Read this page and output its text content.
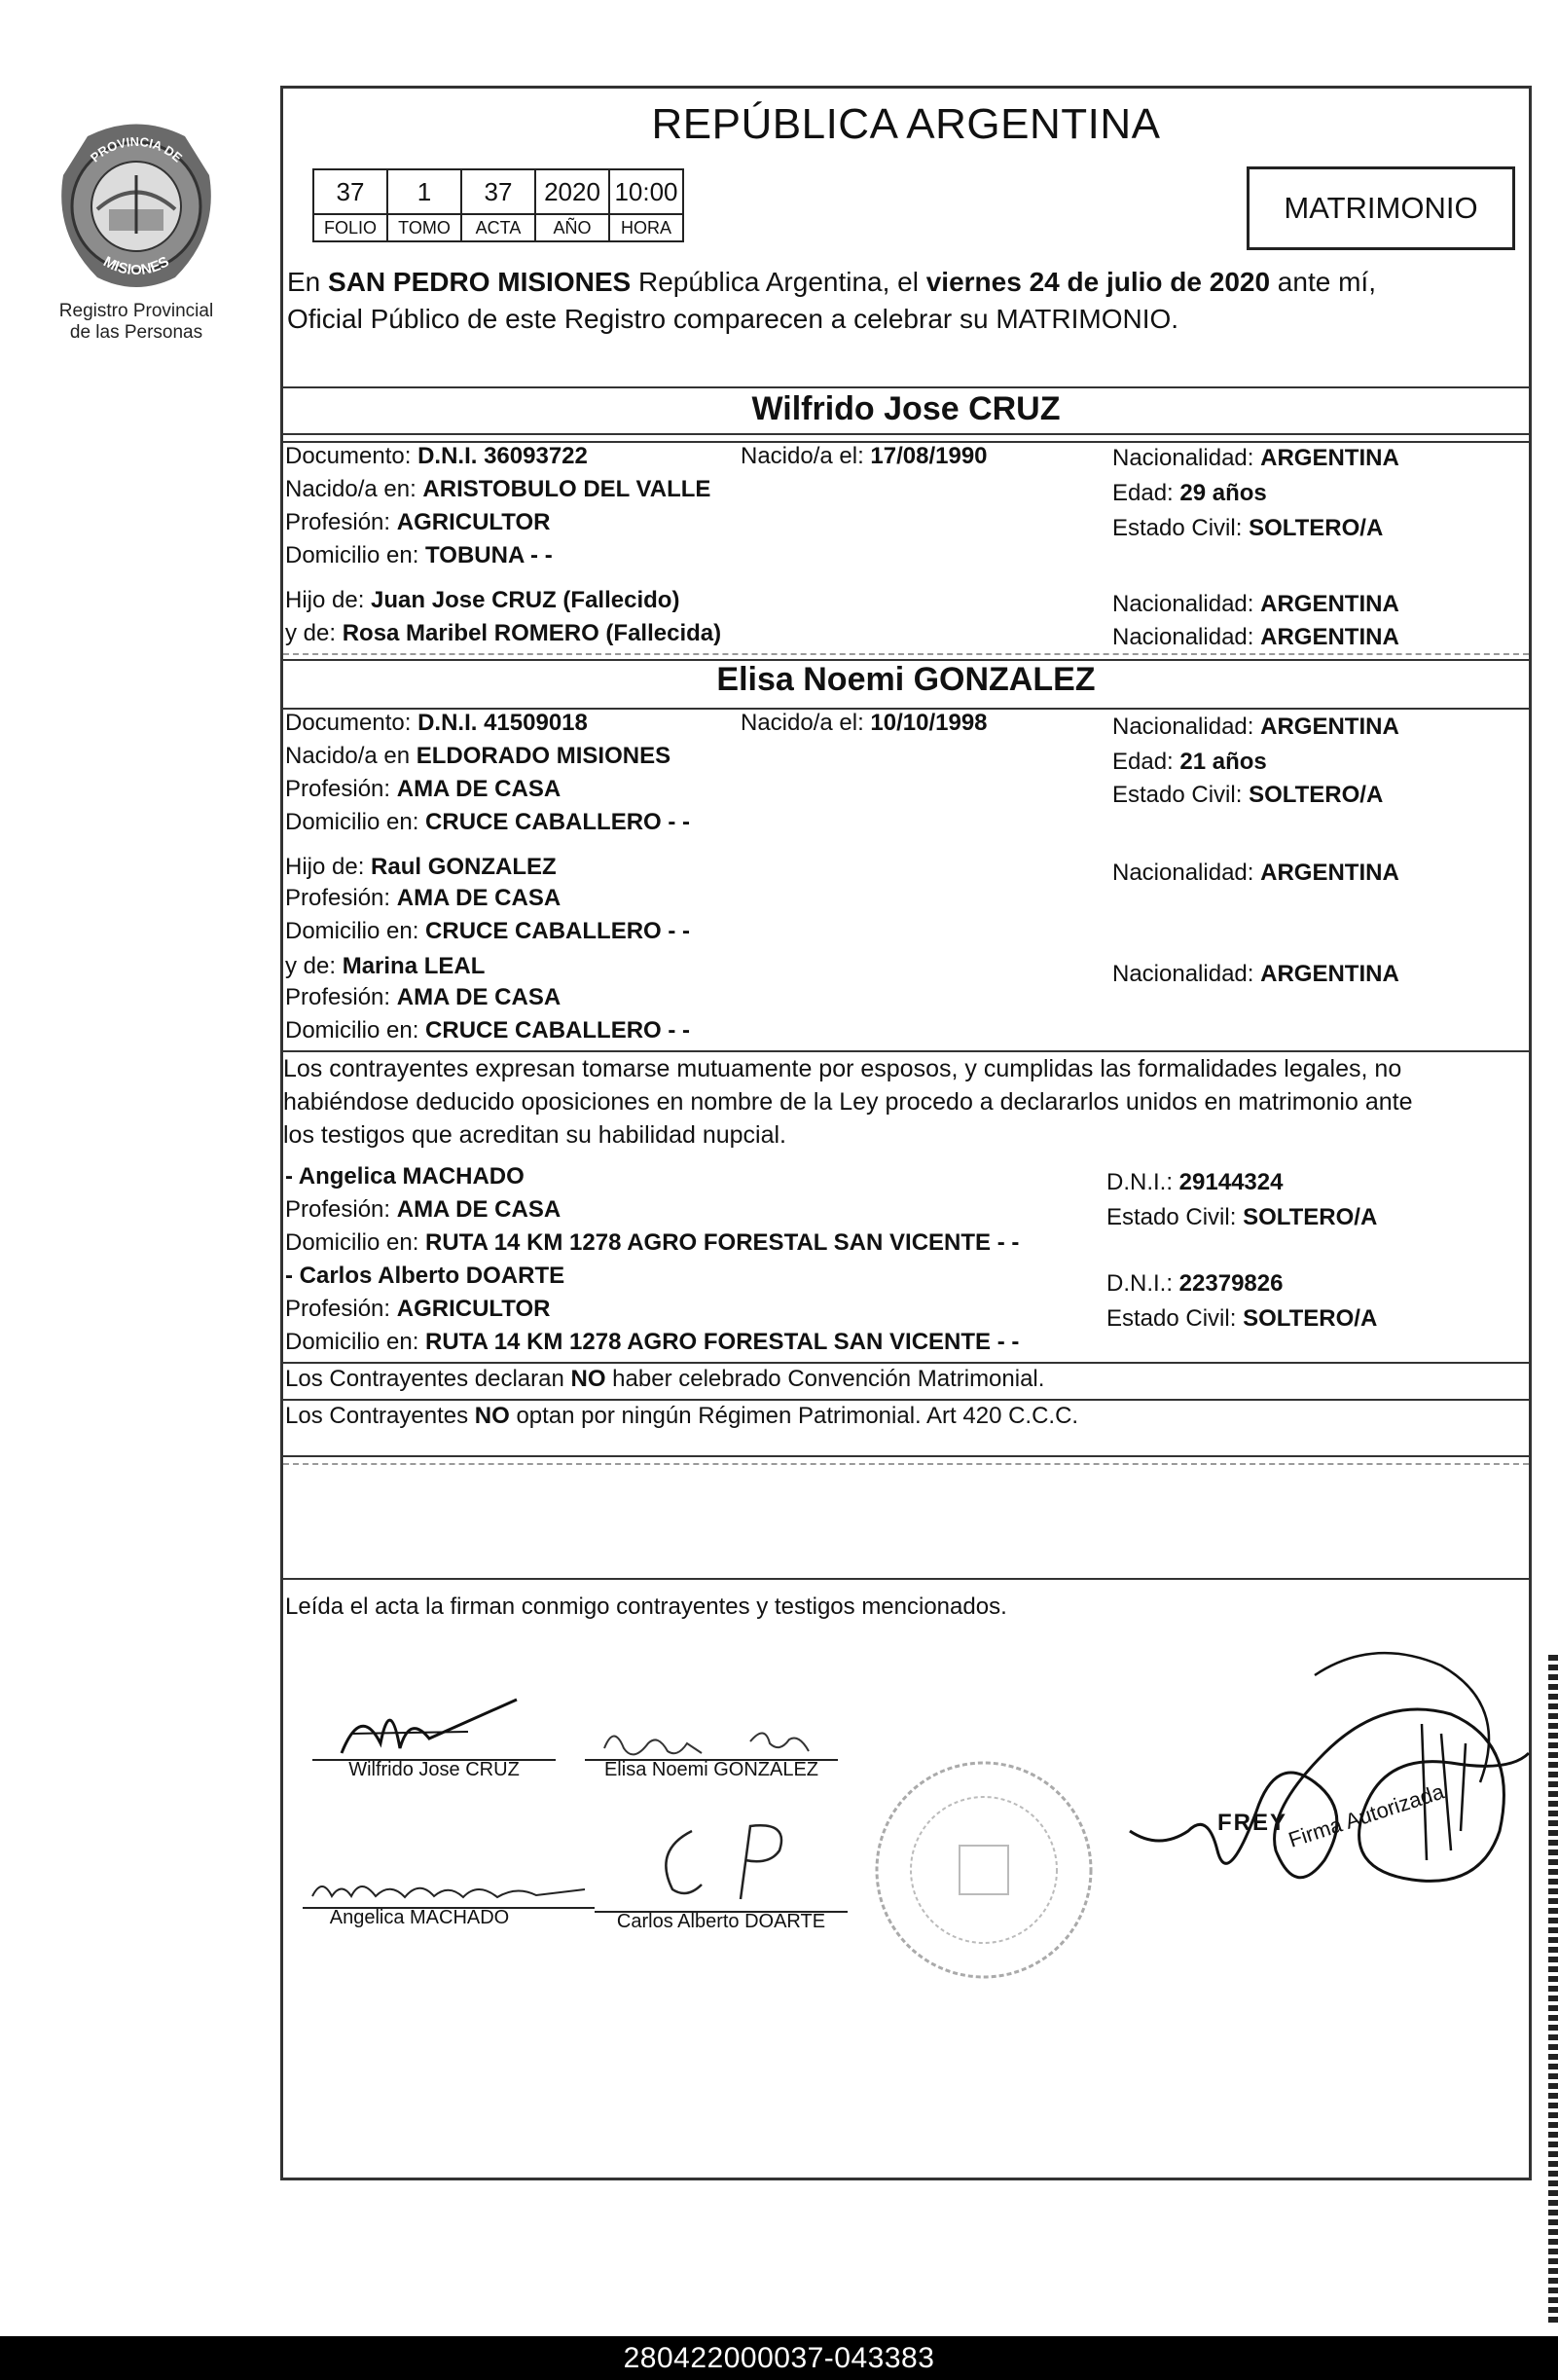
PROVINCIA DE
MISIONES
Registro Provincial
de las Personas
REPÚBLICA ARGENTINA
37	1	37	2020	10:00
FOLIO	TOMO	ACTA	AÑO	HORA
MATRIMONIO
En SAN PEDRO MISIONES República Argentina, el viernes 24 de julio de 2020 ante mí,
Oficial Público de este Registro comparecen a celebrar su MATRIMONIO.
Wilfrido Jose CRUZ
Documento: D.N.I. 36093722	Nacido/a el: 17/08/1990	Nacionalidad: ARGENTINA
Nacido/a en: ARISTOBULO DEL VALLE	Edad: 29 años
Profesión: AGRICULTOR	Estado Civil: SOLTERO/A
Domicilio en: TOBUNA - -
Hijo de: Juan Jose CRUZ (Fallecido)	Nacionalidad: ARGENTINA
y de: Rosa Maribel ROMERO (Fallecida)	Nacionalidad: ARGENTINA
Elisa Noemi GONZALEZ
Documento: D.N.I. 41509018	Nacido/a el: 10/10/1998	Nacionalidad: ARGENTINA
Nacido/a en ELDORADO MISIONES	Edad: 21 años
Profesión: AMA DE CASA	Estado Civil: SOLTERO/A
Domicilio en: CRUCE CABALLERO - -
Hijo de: Raul GONZALEZ	Nacionalidad: ARGENTINA
Profesión: AMA DE CASA
Domicilio en: CRUCE CABALLERO - -
y de: Marina LEAL	Nacionalidad: ARGENTINA
Profesión: AMA DE CASA
Domicilio en: CRUCE CABALLERO - -
Los contrayentes expresan tomarse mutuamente por esposos, y cumplidas las formalidades legales, no
habiéndose deducido oposiciones en nombre de la Ley procedo a declararlos unidos en matrimonio ante
los testigos que acreditan su habilidad nupcial.
- Angelica MACHADO	D.N.I.: 29144324
Profesión: AMA DE CASA	Estado Civil: SOLTERO/A
Domicilio en: RUTA 14 KM 1278 AGRO FORESTAL SAN VICENTE - -
- Carlos Alberto DOARTE	D.N.I.: 22379826
Profesión: AGRICULTOR	Estado Civil: SOLTERO/A
Domicilio en: RUTA 14 KM 1278 AGRO FORESTAL SAN VICENTE - -
Los Contrayentes declaran NO haber celebrado Convención Matrimonial.
Los Contrayentes NO optan por ningún Régimen Patrimonial. Art 420 C.C.C.
Leída el acta la firman conmigo contrayentes y testigos mencionados.
Wilfrido Jose CRUZ	Elisa Noemi GONZALEZ
Angelica MACHADO	Carlos Alberto DOARTE
FREY
Firma Autorizada
280422000037-043383
